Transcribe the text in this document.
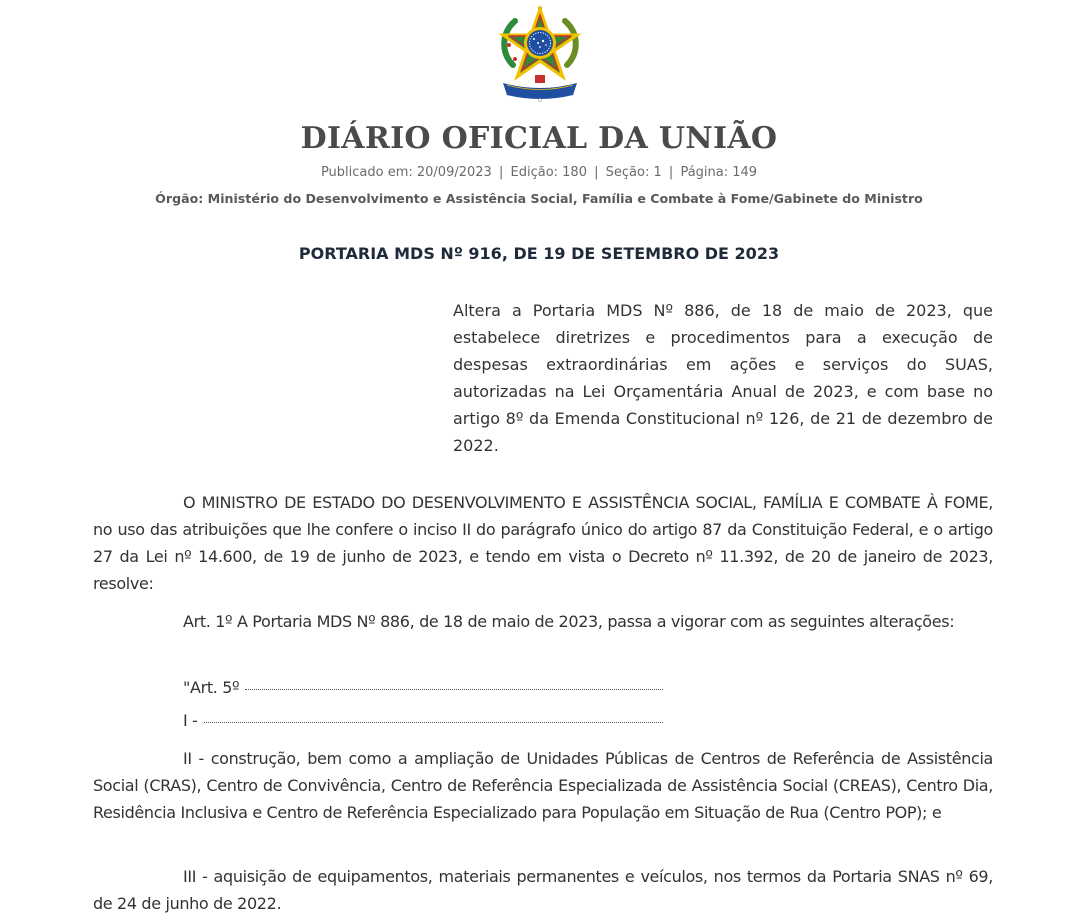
DIÁRIO OFICIAL DA UNIÃO
Publicado em: 20/09/2023 | Edição: 180 | Seção: 1 | Página: 149
Órgão: Ministério do Desenvolvimento e Assistência Social, Família e Combate à Fome/Gabinete do Ministro
PORTARIA MDS Nº 916, DE 19 DE SETEMBRO DE 2023
Altera a Portaria MDS Nº 886, de 18 de maio de 2023, que estabelece diretrizes e procedimentos para a execução de despesas extraordinárias em ações e serviços do SUAS, autorizadas na Lei Orçamentária Anual de 2023, e com base no artigo 8º da Emenda Constitucional nº 126, de 21 de dezembro de 2022.

O MINISTRO DE ESTADO DO DESENVOLVIMENTO E ASSISTÊNCIA SOCIAL, FAMÍLIA E COMBATE À FOME, no uso das atribuições que lhe confere o inciso II do parágrafo único do artigo 87 da Constituição Federal, e o artigo 27 da Lei nº 14.600, de 19 de junho de 2023, e tendo em vista o Decreto nº 11.392, de 20 de janeiro de 2023, resolve:

Art. 1º A Portaria MDS Nº 886, de 18 de maio de 2023, passa a vigorar com as seguintes alterações:

"Art. 5º
I -

II - construção, bem como a ampliação de Unidades Públicas de Centros de Referência de Assistência Social (CRAS), Centro de Convivência, Centro de Referência Especializada de Assistência Social (CREAS), Centro Dia, Residência Inclusiva e Centro de Referência Especializado para População em Situação de Rua (Centro POP); e

III - aquisição de equipamentos, materiais permanentes e veículos, nos termos da Portaria SNAS nº 69, de 24 de junho de 2022.
